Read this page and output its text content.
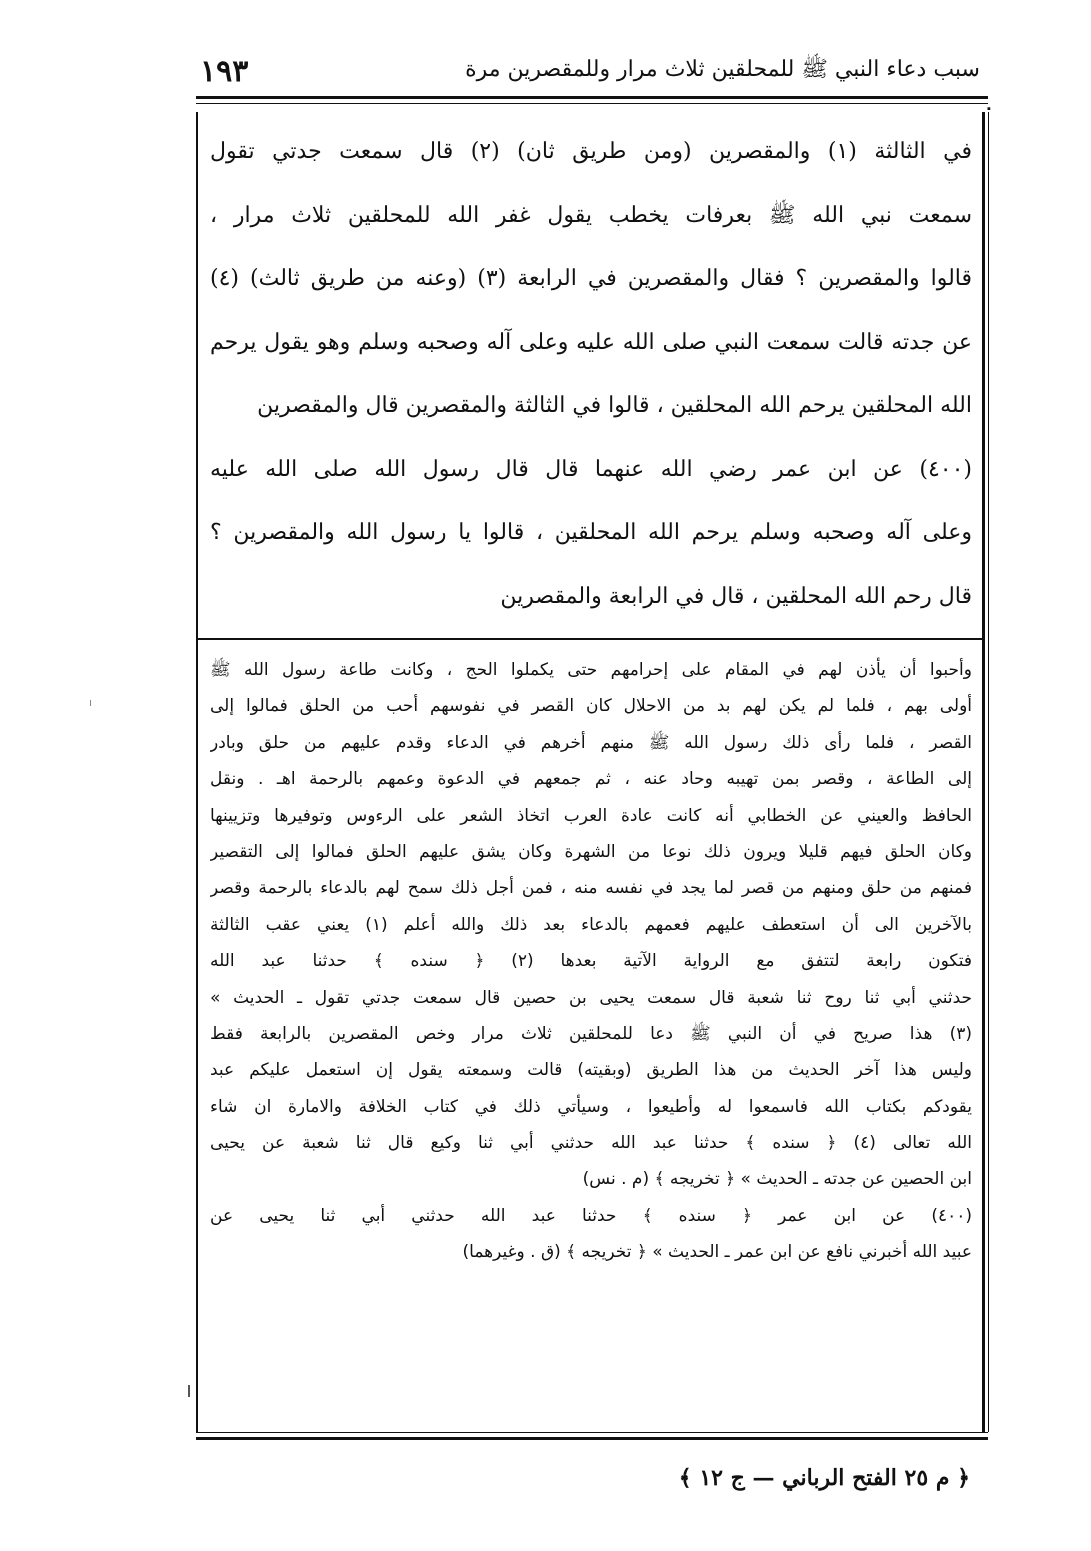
سبب دعاء النبي ﷺ للمحلقين ثلاث مرار وللمقصرين مرة
١٩٣
٠

في الثالثة (١) والمقصرين (ومن طريق ثان) (٢) قال سمعت جدتي تقول

سمعت نبي الله ﷺ بعرفات يخطب يقول غفر الله للمحلقين ثلاث مرار ،

قالوا والمقصرين ؟ فقال والمقصرين في الرابعة (٣) (وعنه من طريق ثالث) (٤)

عن جدته قالت سمعت النبي صلى الله عليه وعلى آله وصحبه وسلم وهو يقول يرحم

الله المحلقين يرحم الله المحلقين ، قالوا في الثالثة والمقصرين قال والمقصرين

(٤٠٠) عن ابن عمر رضي الله عنهما قال قال رسول الله صلى الله عليه

وعلى آله وصحبه وسلم يرحم الله المحلقين ، قالوا يا رسول الله والمقصرين ؟

قال رحم الله المحلقين ، قال في الرابعة والمقصرين

وأحبوا أن يأذن لهم في المقام على إحرامهم حتى يكملوا الحج ، وكانت طاعة رسول الله ﷺ

أولى بهم ، فلما لم يكن لهم بد من الاحلال كان القصر في نفوسهم أحب من الحلق فمالوا إلى

القصر ، فلما رأى ذلك رسول الله ﷺ منهم أخرهم في الدعاء وقدم عليهم من حلق وبادر

إلى الطاعة ، وقصر بمن تهيبه وحاد عنه ، ثم جمعهم في الدعوة وعمهم بالرحمة اهـ . ونقل

الحافظ والعيني عن الخطابي أنه كانت عادة العرب اتخاذ الشعر على الرءوس وتوفيرها وتزيينها

وكان الحلق فيهم قليلا ويرون ذلك نوعا من الشهرة وكان يشق عليهم الحلق فمالوا إلى التقصير

فمنهم من حلق ومنهم من قصر لما يجد في نفسه منه ، فمن أجل ذلك سمح لهم بالدعاء بالرحمة وقصر

بالآخرين الى أن استعطف عليهم فعمهم بالدعاء بعد ذلك والله أعلم (١) يعني عقب الثالثة

فتكون رابعة لتتفق مع الرواية الآتية بعدها (٢) ﴿ سنده ﴾ حدثنا عبد الله

حدثني أبي ثنا روح ثنا شعبة قال سمعت يحيى بن حصين قال سمعت جدتي تقول ـ الحديث »

(٣) هذا صريح في أن النبي ﷺ دعا للمحلقين ثلاث مرار وخص المقصرين بالرابعة فقط

وليس هذا آخر الحديث من هذا الطريق (وبقيته) قالت وسمعته يقول إن استعمل عليكم عبد

يقودكم بكتاب الله فاسمعوا له وأطيعوا ، وسيأتي ذلك في كتاب الخلافة والامارة ان شاء

الله تعالى (٤) ﴿ سنده ﴾ حدثنا عبد الله حدثني أبي ثنا وكيع قال ثنا شعبة عن يحيى

ابن الحصين عن جدته ـ الحديث » ﴿ تخريجه ﴾ (م . نس)

(٤٠٠) عن ابن عمر ﴿ سنده ﴾ حدثنا عبد الله حدثني أبي ثنا يحيى عن

عبيد الله أخبرني نافع عن ابن عمر ـ الحديث » ﴿ تخريجه ﴾ (ق . وغيرهما)

﴿ م ٢٥ الفتح الرباني — ج ١٢ ﴾
